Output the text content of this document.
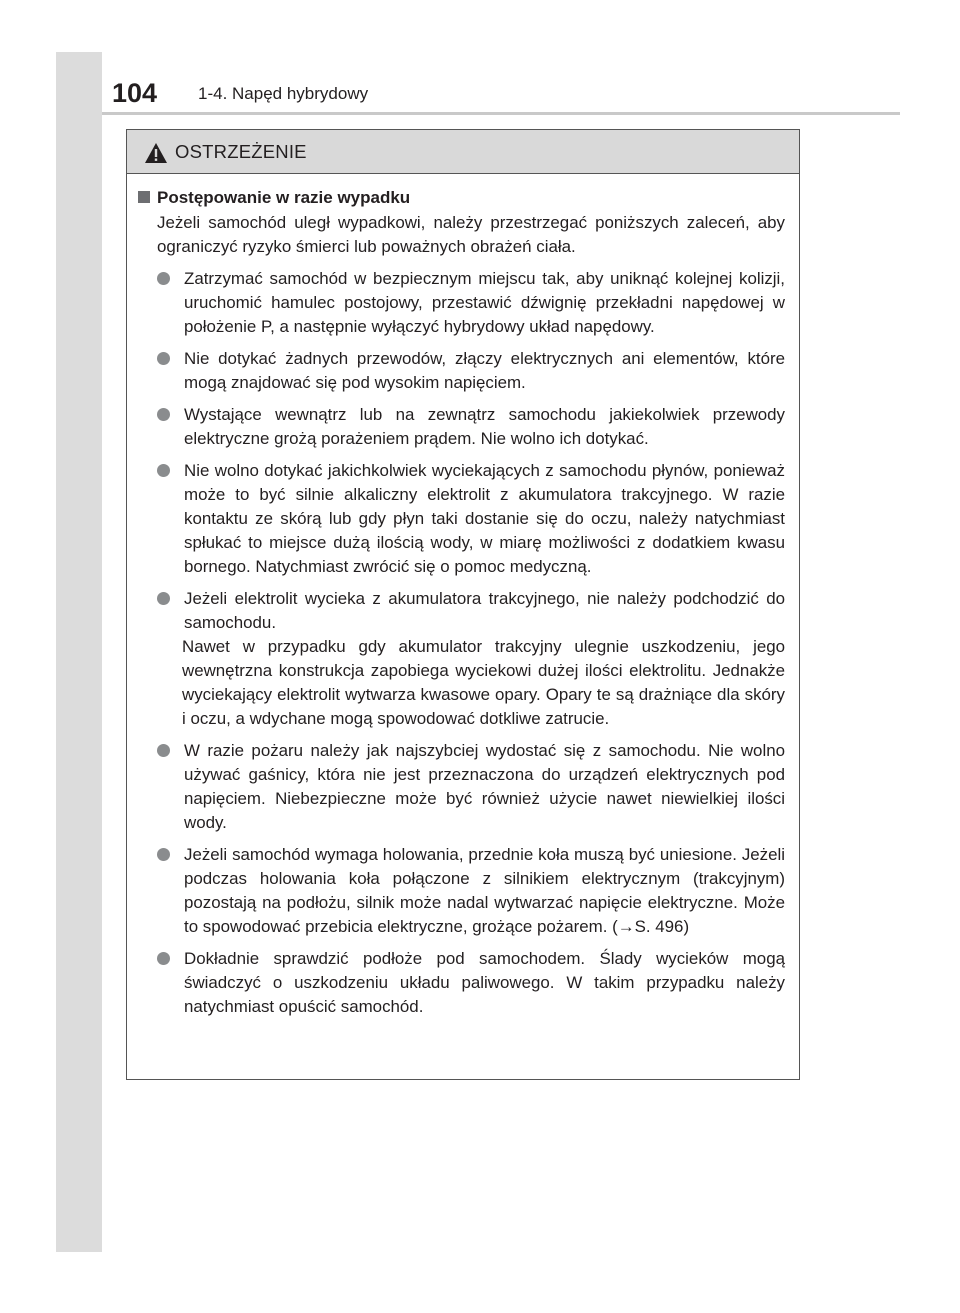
104 1-4. Napęd hybrydowy
OSTRZEŻENIE
Postępowanie w razie wypadku

Jeżeli samochód uległ wypadkowi, należy przestrzegać poniższych zaleceń, aby ograniczyć ryzyko śmierci lub poważnych obrażeń ciała.

Zatrzymać samochód w bezpiecznym miejscu tak, aby uniknąć kolejnej kolizji, uruchomić hamulec postojowy, przestawić dźwignię przekładni napędowej w położenie P, a następnie wyłączyć hybrydowy układ napędowy.

Nie dotykać żadnych przewodów, złączy elektrycznych ani elementów, które mogą znajdować się pod wysokim napięciem.

Wystające wewnątrz lub na zewnątrz samochodu jakiekolwiek przewody elektryczne grożą porażeniem prądem. Nie wolno ich dotykać.

Nie wolno dotykać jakichkolwiek wyciekających z samochodu płynów, ponieważ może to być silnie alkaliczny elektrolit z akumulatora trakcyjnego. W razie kontaktu ze skórą lub gdy płyn taki dostanie się do oczu, należy natychmiast spłukać to miejsce dużą ilością wody, w miarę możliwości z dodatkiem kwasu bornego. Natychmiast zwrócić się o pomoc medyczną.

Jeżeli elektrolit wycieka z akumulatora trakcyjnego, nie należy podchodzić do samochodu.

Nawet w przypadku gdy akumulator trakcyjny ulegnie uszkodzeniu, jego wewnętrzna konstrukcja zapobiega wyciekowi dużej ilości elektrolitu. Jednakże wyciekający elektrolit wytwarza kwasowe opary. Opary te są drażniące dla skóry i oczu, a wdychane mogą spowodować dotkliwe zatrucie.

W razie pożaru należy jak najszybciej wydostać się z samochodu. Nie wolno używać gaśnicy, która nie jest przeznaczona do urządzeń elektrycznych pod napięciem. Niebezpieczne może być również użycie nawet niewielkiej ilości wody.

Jeżeli samochód wymaga holowania, przednie koła muszą być uniesione. Jeżeli podczas holowania koła połączone z silnikiem elektrycznym (trakcyjnym) pozostają na podłożu, silnik może nadal wytwarzać napięcie elektryczne. Może to spowodować przebicia elektryczne, grożące pożarem. (→S. 496)

Dokładnie sprawdzić podłoże pod samochodem. Ślady wycieków mogą świadczyć o uszkodzeniu układu paliwowego. W takim przypadku należy natychmiast opuścić samochód.
